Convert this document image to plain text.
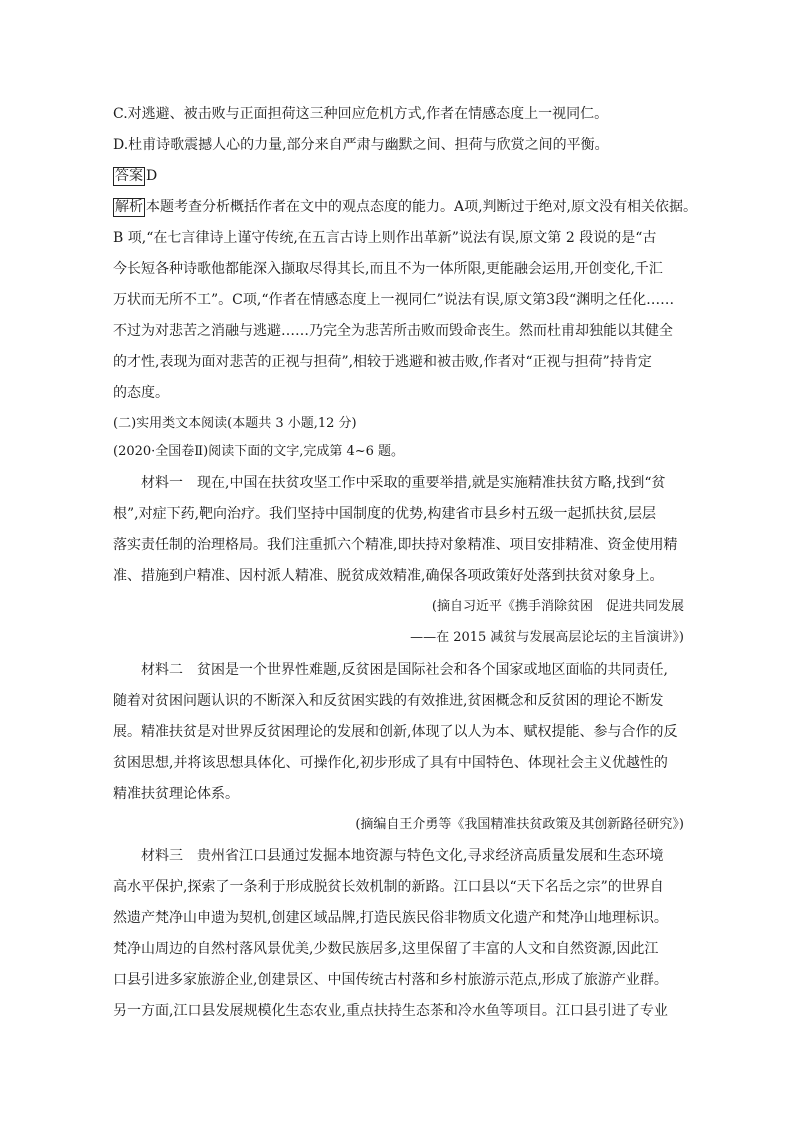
C.对逃避、被击败与正面担荷这三种回应危机方式,作者在情感态度上一视同仁。
D.杜甫诗歌震撼人心的力量,部分来自严肃与幽默之间、担荷与欣赏之间的平衡。
答案 D
解析 本题考查分析概括作者在文中的观点态度的能力。A项,判断过于绝对,原文没有相关依据。
B 项,“在七言律诗上谨守传统,在五言古诗上则作出革新”说法有误,原文第 2 段说的是“古
今长短各种诗歌他都能深入撷取尽得其长,而且不为一体所限,更能融会运用,开创变化,千汇
万状而无所不工”。C项,“作者在情感态度上一视同仁”说法有误,原文第3段“渊明之任化……
不过为对悲苦之消融与逃避……乃完全为悲苦所击败而毁命丧生。然而杜甫却独能以其健全
的才性,表现为面对悲苦的正视与担荷”,相较于逃避和被击败,作者对“正视与担荷”持肯定
的态度。
(二)实用类文本阅读(本题共 3 小题,12 分)
(2020·全国卷Ⅱ)阅读下面的文字,完成第 4~6 题。
材料一　现在,中国在扶贫攻坚工作中采取的重要举措,就是实施精准扶贫方略,找到“贫
根”,对症下药,靶向治疗。我们坚持中国制度的优势,构建省市县乡村五级一起抓扶贫,层层
落实责任制的治理格局。我们注重抓六个精准,即扶持对象精准、项目安排精准、资金使用精
准、措施到户精准、因村派人精准、脱贫成效精准,确保各项政策好处落到扶贫对象身上。
(摘自习近平《携手消除贫困　促进共同发展
——在 2015 减贫与发展高层论坛的主旨演讲》)
材料二　贫困是一个世界性难题,反贫困是国际社会和各个国家或地区面临的共同责任,
随着对贫困问题认识的不断深入和反贫困实践的有效推进,贫困概念和反贫困的理论不断发
展。精准扶贫是对世界反贫困理论的发展和创新,体现了以人为本、赋权提能、参与合作的反
贫困思想,并将该思想具体化、可操作化,初步形成了具有中国特色、体现社会主义优越性的
精准扶贫理论体系。
(摘编自王介勇等《我国精准扶贫政策及其创新路径研究》)
材料三　贵州省江口县通过发掘本地资源与特色文化,寻求经济高质量发展和生态环境
高水平保护,探索了一条利于形成脱贫长效机制的新路。江口县以“天下名岳之宗”的世界自
然遗产梵净山申遗为契机,创建区域品牌,打造民族民俗非物质文化遗产和梵净山地理标识。
梵净山周边的自然村落风景优美,少数民族居多,这里保留了丰富的人文和自然资源,因此江
口县引进多家旅游企业,创建景区、中国传统古村落和乡村旅游示范点,形成了旅游产业群。
另一方面,江口县发展规模化生态农业,重点扶持生态茶和冷水鱼等项目。江口县引进了专业
